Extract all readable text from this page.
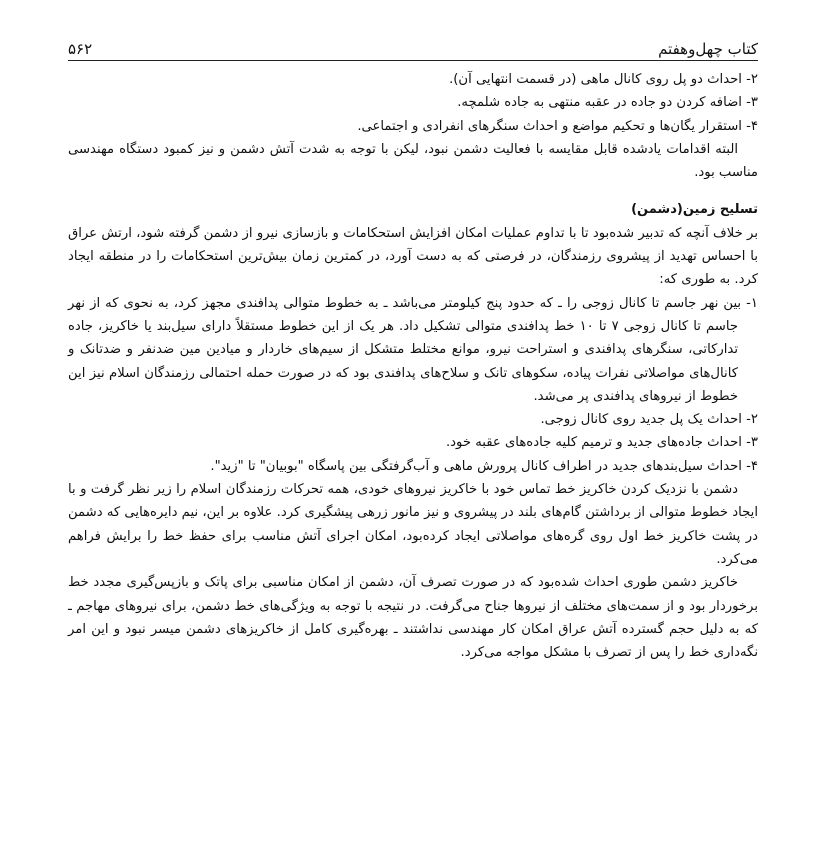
کتاب چهل‌وهفتم
۵۶۲
۲- احداث دو پل روی کانال ماهی (در قسمت انتهایی آن).
۳- اضافه کردن دو جاده در عقبه منتهی به جاده شلمچه.
۴- استقرار یگان‌ها و تحکیم مواضع و احداث سنگرهای انفرادی و اجتماعی.
البته اقدامات یادشده قابل مقایسه با فعالیت دشمن نبود، لیکن با توجه به شدت آتش دشمن و نیز کمبود دستگاه مهندسی مناسب بود.
تسلیح زمین(دشمن)
بر خلاف آنچه که تدبیر شده‌بود تا با تداوم عملیات امکان افزایش استحکامات و بازسازی نیرو از دشمن گرفته شود، ارتش عراق با احساس تهدید از پیشروی رزمندگان، در فرصتی که به دست آورد، در کمترین زمان بیش‌ترین استحکامات را در منطقه ایجاد کرد. به طوری که:
۱- بین نهر جاسم تا کانال زوجی را ـ که حدود پنج کیلومتر می‌باشد ـ به خطوط متوالی پدافندی مجهز کرد، به نحوی که از نهر جاسم تا کانال زوجی ۷ تا ۱۰ خط پدافندی متوالی تشکیل داد. هر یک از این خطوط مستقلاً دارای سیل‌بند یا خاکریز، جاده تدارکاتی، سنگرهای پدافندی و استراحت نیرو، موانع مختلط متشکل از سیم‌های خاردار و میادین مین ضدنفر و ضدتانک و کانال‌های مواصلاتی نفرات پیاده، سکوهای تانک و سلاح‌های پدافندی بود که در صورت حمله احتمالی رزمندگان اسلام نیز این خطوط از نیروهای پدافندی پر می‌شد.
۲- احداث یک پل جدید روی کانال زوجی.
۳- احداث جاده‌های جدید و ترمیم کلیه جاده‌های عقبه خود.
۴- احداث سیل‌بندهای جدید در اطراف کانال پرورش ماهی و آب‌گرفتگی بین پاسگاه "بوبیان" تا "زید".
دشمن با نزدیک کردن خاکریز خط تماس خود با خاکریز نیروهای خودی، همه تحرکات رزمندگان اسلام را زیر نظر گرفت و با ایجاد خطوط متوالی از برداشتن گام‌های بلند در پیشروی و نیز مانور زرهی پیشگیری کرد. علاوه بر این، نیم دایره‌هایی که دشمن در پشت خاکریز خط اول روی گره‌های مواصلاتی ایجاد کرده‌بود، امکان اجرای آتش مناسب برای حفظ خط را برایش فراهم می‌کرد.
خاکریز دشمن طوری احداث شده‌بود که در صورت تصرف آن، دشمن از امکان مناسبی برای پاتک و بازپس‌گیری مجدد خط برخوردار بود و از سمت‌های مختلف از نیروها جناح می‌گرفت. در نتیجه با توجه به ویژگی‌های خط دشمن، برای نیروهای مهاجم ـ که به دلیل حجم گسترده آتش عراق امکان کار مهندسی نداشتند ـ بهره‌گیری کامل از خاکریزهای دشمن میسر نبود و این امر نگه‌داری خط را پس از تصرف با مشکل مواجه می‌کرد.
